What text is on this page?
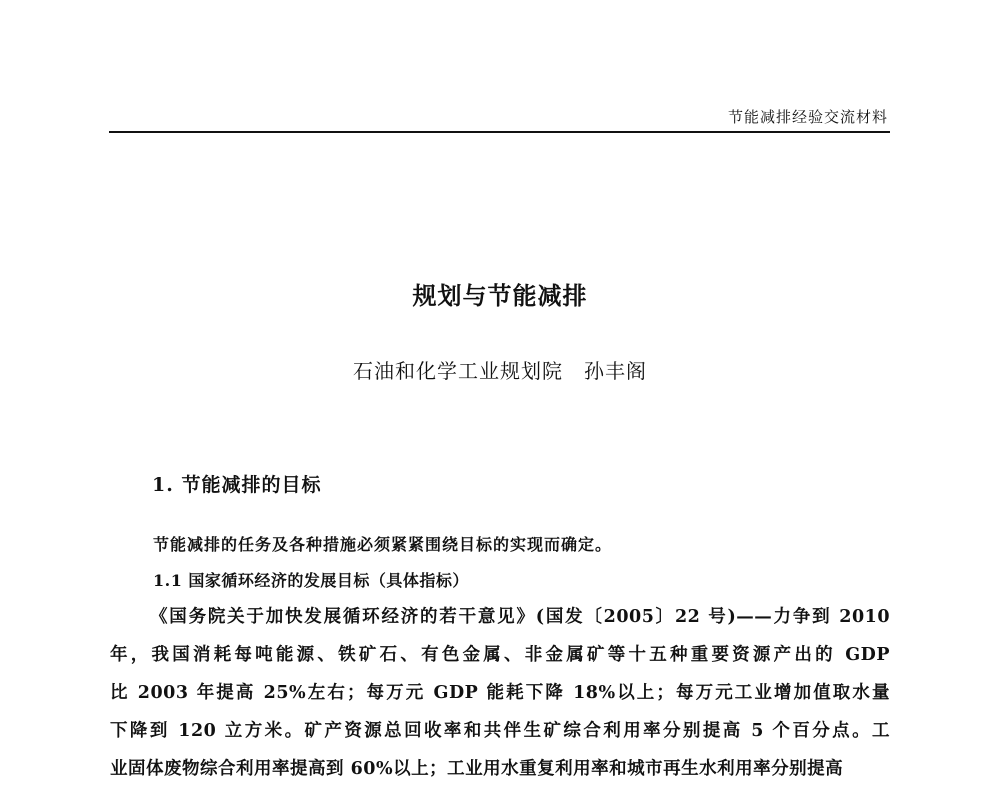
节能减排经验交流材料
规划与节能减排
石油和化学工业规划院　孙丰阁
1. 节能减排的目标
节能减排的任务及各种措施必须紧紧围绕目标的实现而确定。
1.1 国家循环经济的发展目标（具体指标）
《国务院关于加快发展循环经济的若干意见》(国发〔2005〕22 号)——力争到 2010
年，我国消耗每吨能源、铁矿石、有色金属、非金属矿等十五种重要资源产出的 GDP
比 2003 年提高 25%左右；每万元 GDP 能耗下降 18%以上；每万元工业增加值取水量
下降到 120 立方米。矿产资源总回收率和共伴生矿综合利用率分别提高 5 个百分点。工
业固体废物综合利用率提高到 60%以上；工业用水重复利用率和城市再生水利用率分别提高
